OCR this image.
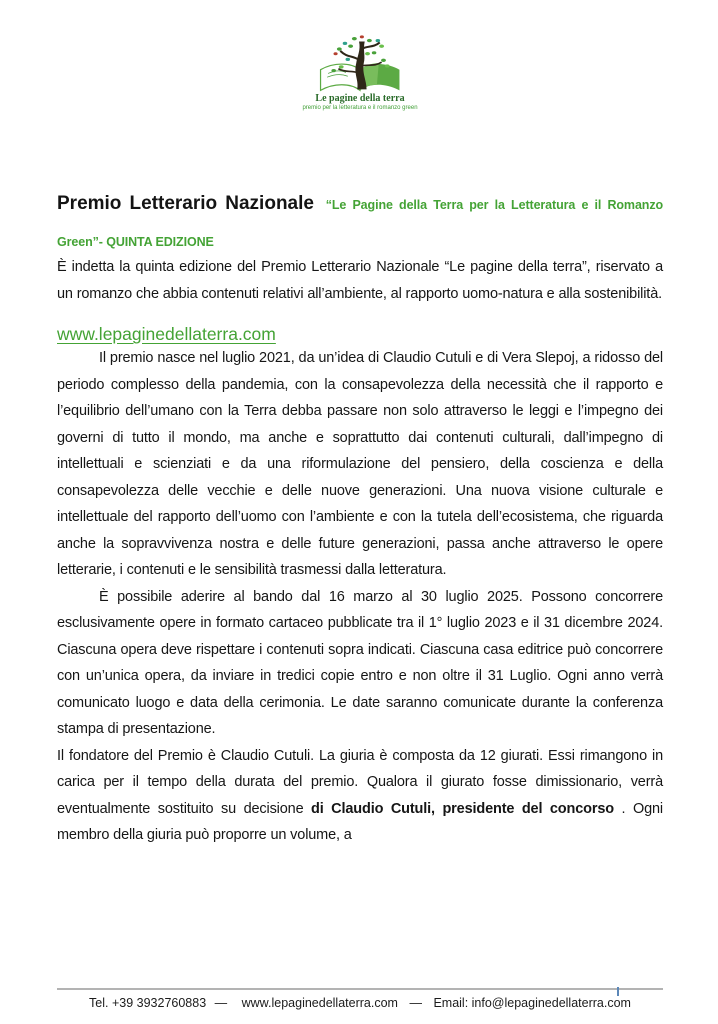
Le pagine della terra
premio per la letteratura e il romanzo green
Premio Letterario Nazionale “Le Pagine della Terra per la Letteratura e il Romanzo Green”- QUINTA EDIZIONE

È indetta la quinta edizione del Premio Letterario Nazionale “Le pagine della terra”, riservato a un romanzo che abbia contenuti relativi all’ambiente, al rapporto uomo-natura e alla sostenibilità.

www.lepaginedellaterra.com

Il premio nasce nel luglio 2021, da un’idea di Claudio Cutuli e di Vera Slepoj, a ridosso del periodo complesso della pandemia, con la consapevolezza della necessità che il rapporto e l’equilibrio dell’umano con la Terra debba passare non solo attraverso le leggi e l’impegno dei governi di tutto il mondo, ma anche e soprattutto dai contenuti culturali, dall’impegno di intellettuali e scienziati e da una riformulazione del pensiero, della coscienza e della consapevolezza delle vecchie e delle nuove generazioni. Una nuova visione culturale e intellettuale del rapporto dell’uomo con l’ambiente e con la tutela dell’ecosistema, che riguarda anche la sopravvivenza nostra e delle future generazioni, passa anche attraverso le opere letterarie, i contenuti e le sensibilità trasmessi dalla letteratura.

È possibile aderire al bando dal 16 marzo al 30 luglio 2025. Possono concorrere esclusivamente opere in formato cartaceo pubblicate tra il 1° luglio 2023 e il 31 dicembre 2024. Ciascuna opera deve rispettare i contenuti sopra indicati. Ciascuna casa editrice può concorrere con un’unica opera, da inviare in tredici copie entro e non oltre il 31 Luglio. Ogni anno verrà comunicato luogo e data della cerimonia. Le date saranno comunicate durante la conferenza stampa di presentazione.

Il fondatore del Premio è Claudio Cutuli. La giuria è composta da 12 giurati. Essi rimangono in carica per il tempo della durata del premio. Qualora il giurato fosse dimissionario, verrà eventualmente sostituito su decisione di Claudio Cutuli, presidente del concorso . Ogni membro della giuria può proporre un volume, a

Tel. +39 3932760883 — www.lepaginedellaterra.com — Email: info@lepaginedellaterra.com
